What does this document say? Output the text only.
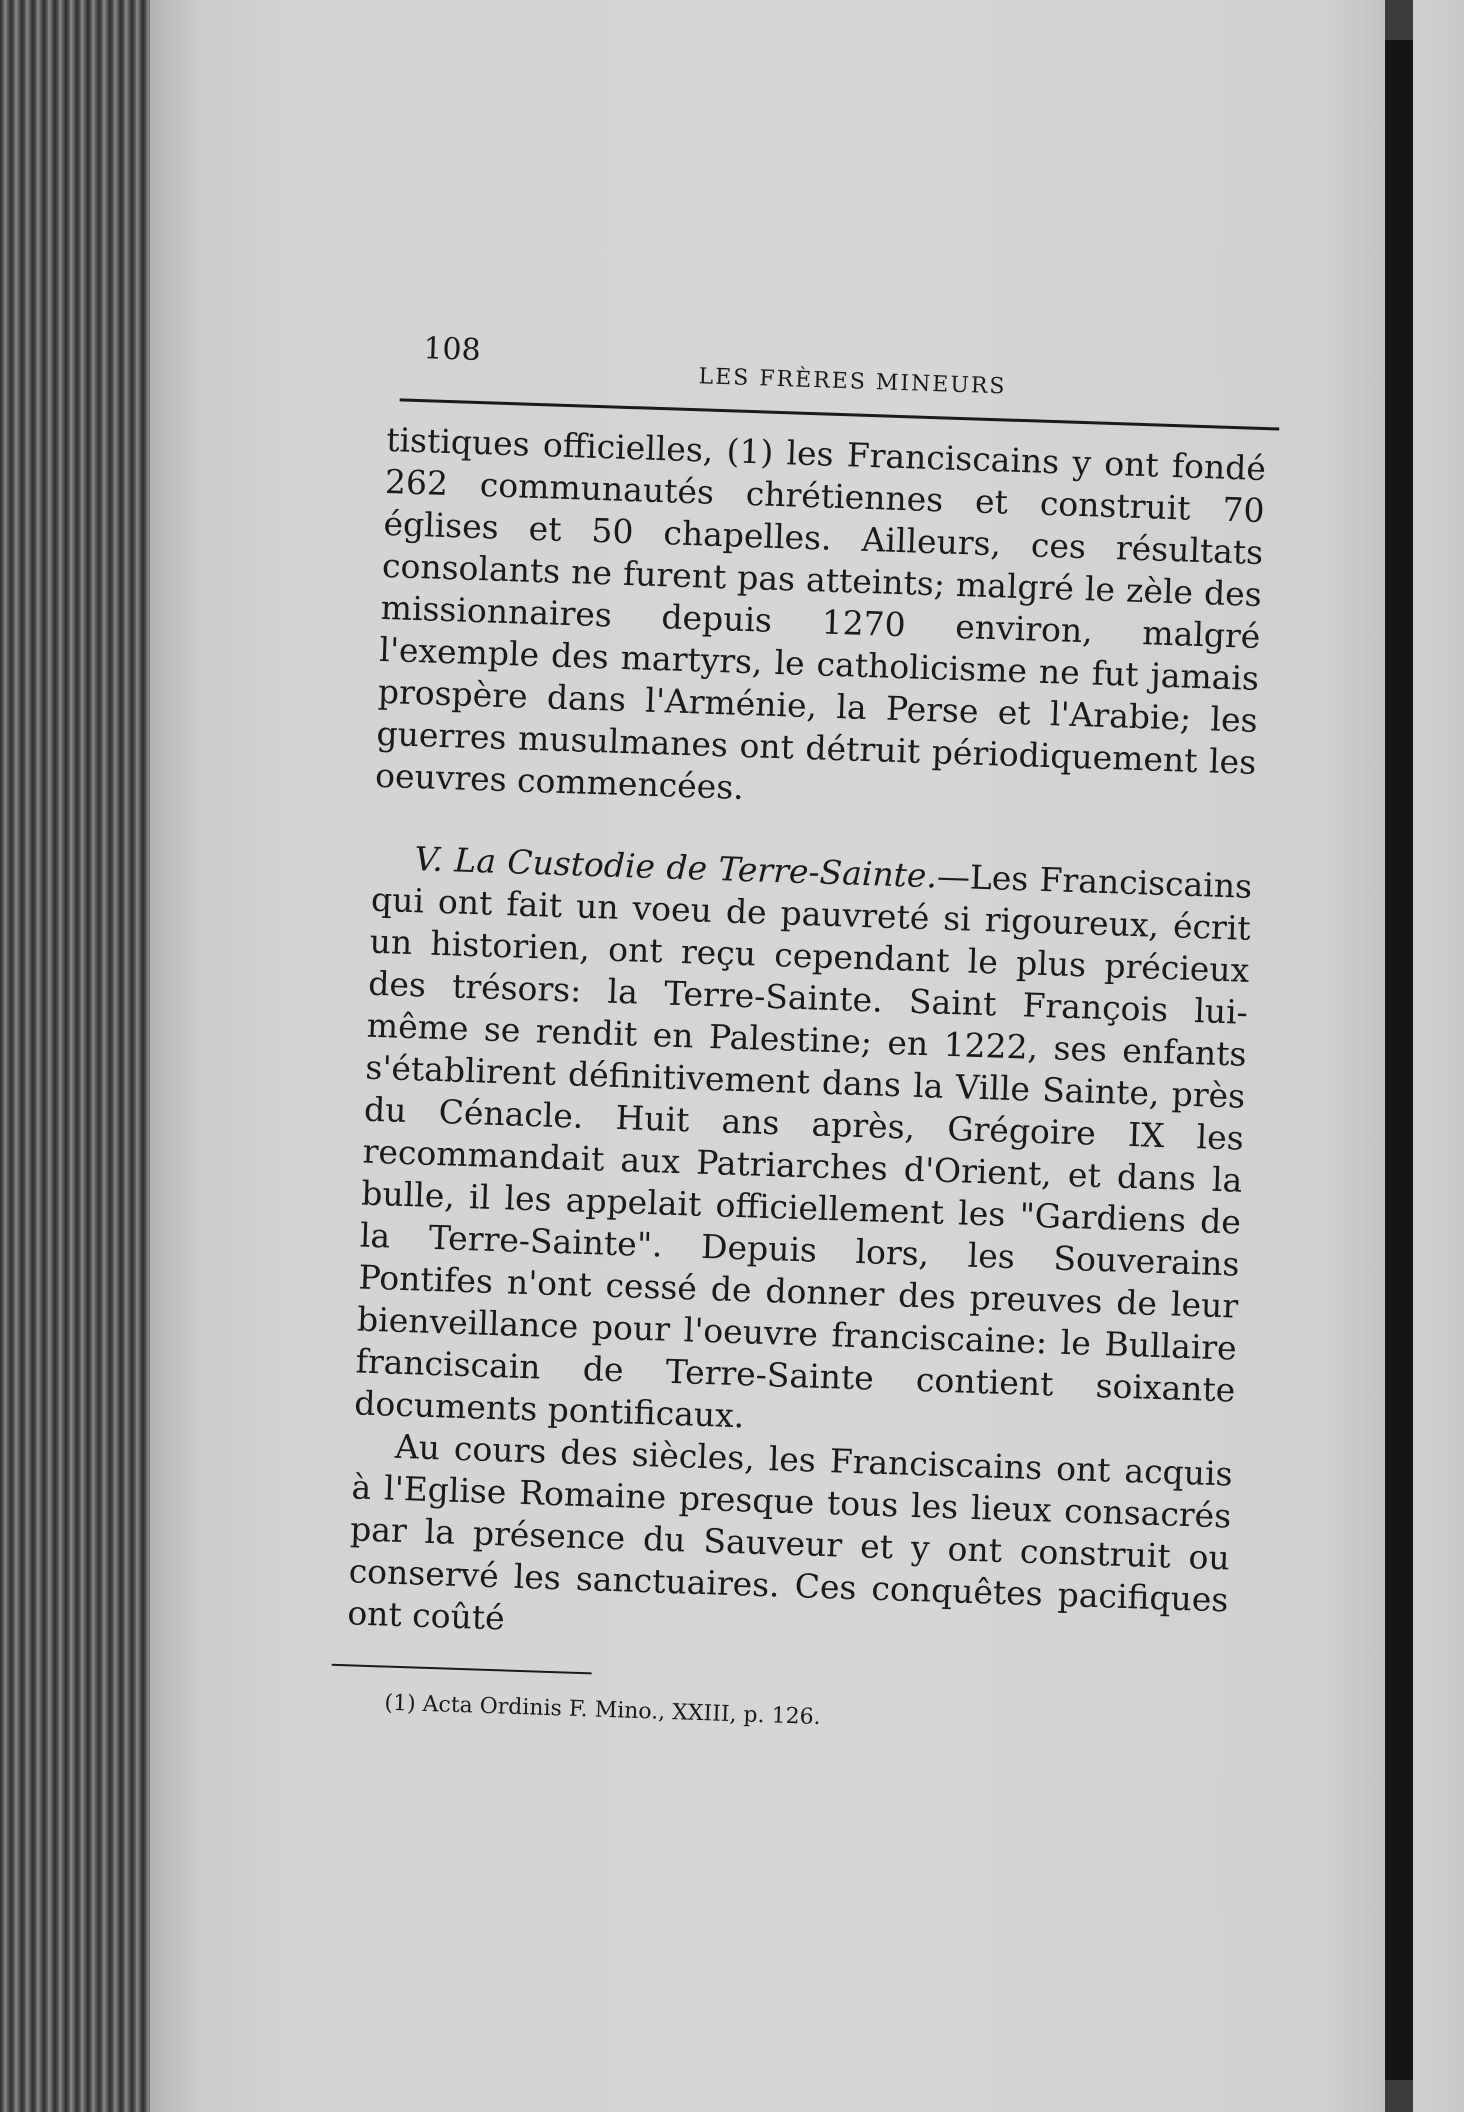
108
LES FRÈRES MINEURS

tistiques officielles, (1) les Franciscains y ont fondé 262 communautés chrétiennes et construit 70 églises et 50 chapelles. Ailleurs, ces résultats consolants ne furent pas atteints; malgré le zèle des missionnaires depuis 1270 environ, malgré l'exemple des martyrs, le catholicisme ne fut jamais prospère dans l'Arménie, la Perse et l'Arabie; les guerres musulmanes ont détruit périodiquement les oeuvres commencées.

V. La Custodie de Terre-Sainte.—Les Franciscains qui ont fait un voeu de pauvreté si rigoureux, écrit un historien, ont reçu cependant le plus précieux des trésors: la Terre-Sainte. Saint François lui-même se rendit en Palestine; en 1222, ses enfants s'établirent définitivement dans la Ville Sainte, près du Cénacle. Huit ans après, Grégoire IX les recommandait aux Patriarches d'Orient, et dans la bulle, il les appelait officiellement les "Gardiens de la Terre-Sainte". Depuis lors, les Souverains Pontifes n'ont cessé de donner des preuves de leur bienveillance pour l'oeuvre franciscaine: le Bullaire franciscain de Terre-Sainte contient soixante documents pontificaux.

Au cours des siècles, les Franciscains ont acquis à l'Eglise Romaine presque tous les lieux consacrés par la présence du Sauveur et y ont construit ou conservé les sanctuaires. Ces conquêtes pacifiques ont coûté

(1) Acta Ordinis F. Mino., XXIII, p. 126.
